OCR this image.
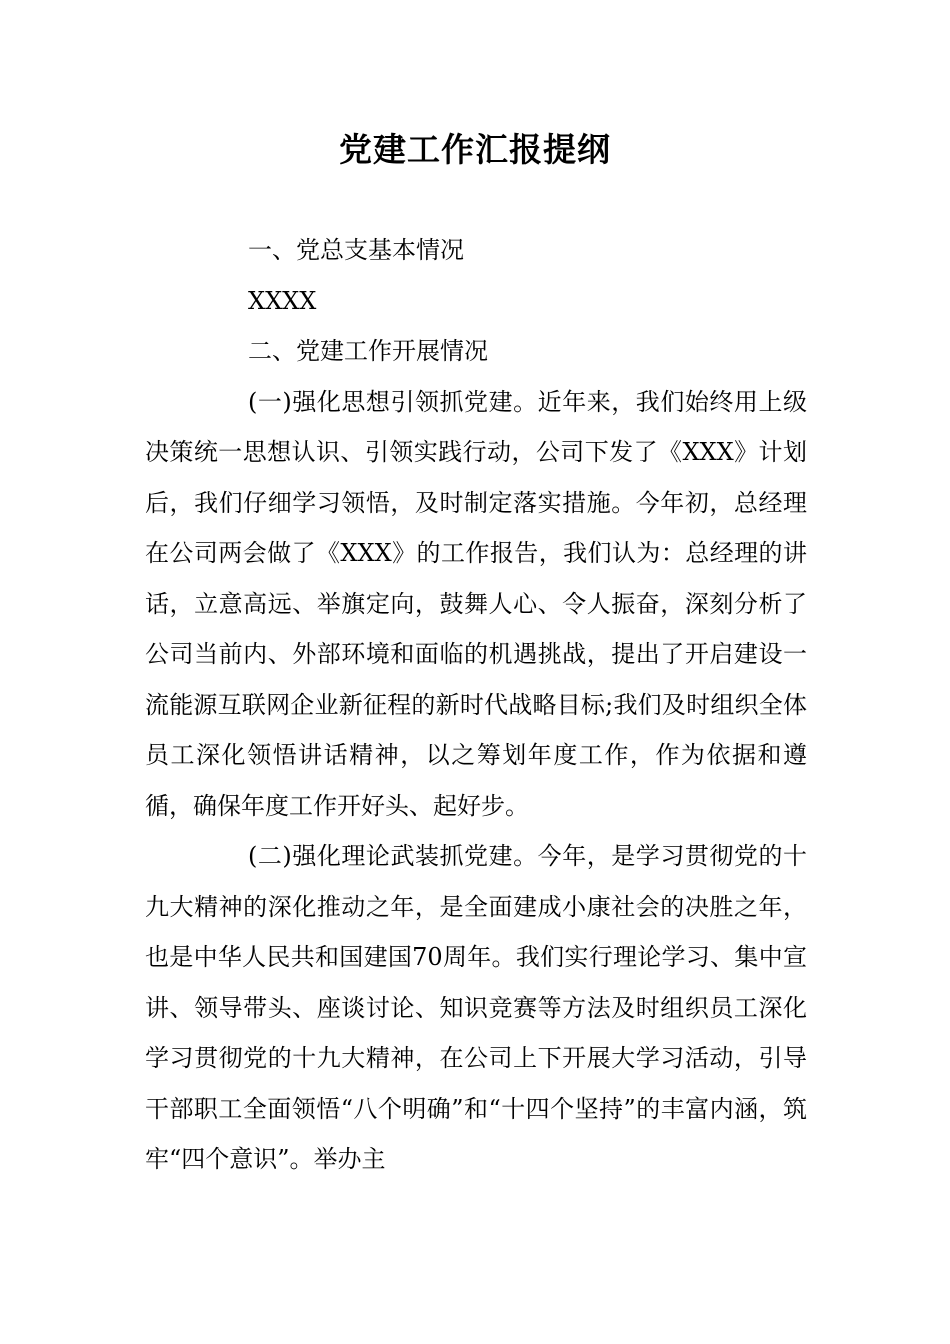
党建工作汇报提纲

一、党总支基本情况

XXXX

二、党建工作开展情况

(一)强化思想引领抓党建。近年来，我们始终用上级决策统一思想认识、引领实践行动，公司下发了《XXX》计划后，我们仔细学习领悟，及时制定落实措施。今年初，总经理在公司两会做了《XXX》的工作报告，我们认为：总经理的讲话，立意高远、举旗定向，鼓舞人心、令人振奋，深刻分析了公司当前内、外部环境和面临的机遇挑战，提出了开启建设一流能源互联网企业新征程的新时代战略目标;我们及时组织全体员工深化领悟讲话精神，以之筹划年度工作，作为依据和遵循，确保年度工作开好头、起好步。

(二)强化理论武装抓党建。今年，是学习贯彻党的十九大精神的深化推动之年，是全面建成小康社会的决胜之年，也是中华人民共和国建国70周年。我们实行理论学习、集中宣讲、领导带头、座谈讨论、知识竞赛等方法及时组织员工深化学习贯彻党的十九大精神，在公司上下开展大学习活动，引导干部职工全面领悟“八个明确”和“十四个坚持”的丰富内涵，筑牢“四个意识”。举办主
